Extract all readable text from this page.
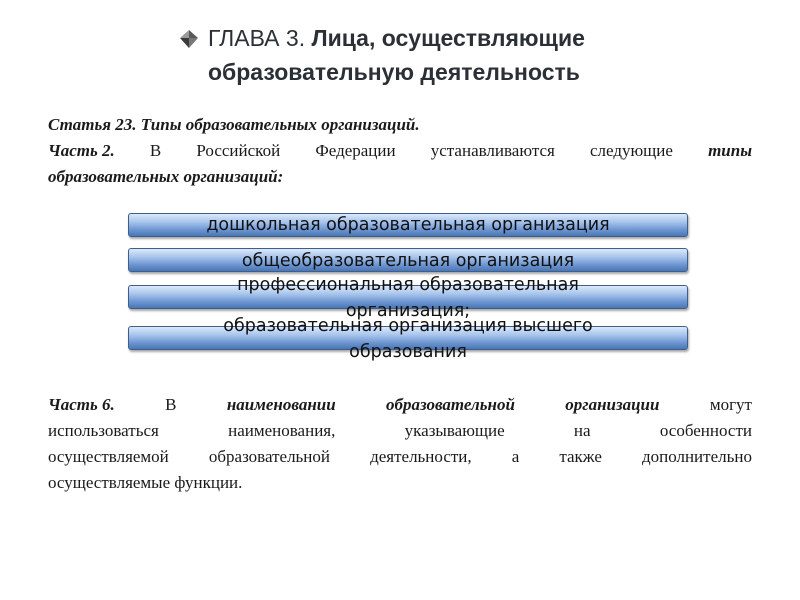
ГЛАВА 3. Лица, осуществляющие
образовательную деятельность
Статья 23. Типы образовательных организаций.
Часть 2. В Российской Федерации устанавливаются следующие типы
образовательных организаций:
дошкольная образовательная организация
общеобразовательная организация
профессиональная образовательная
организация;
образовательная организация высшего
образования
Часть 6.	В	наименовании	образовательной	организации	могут
использоваться	наименования,	указывающие	на	особенности
осуществляемой образовательной деятельности, а также дополнительно
осуществляемые функции.
